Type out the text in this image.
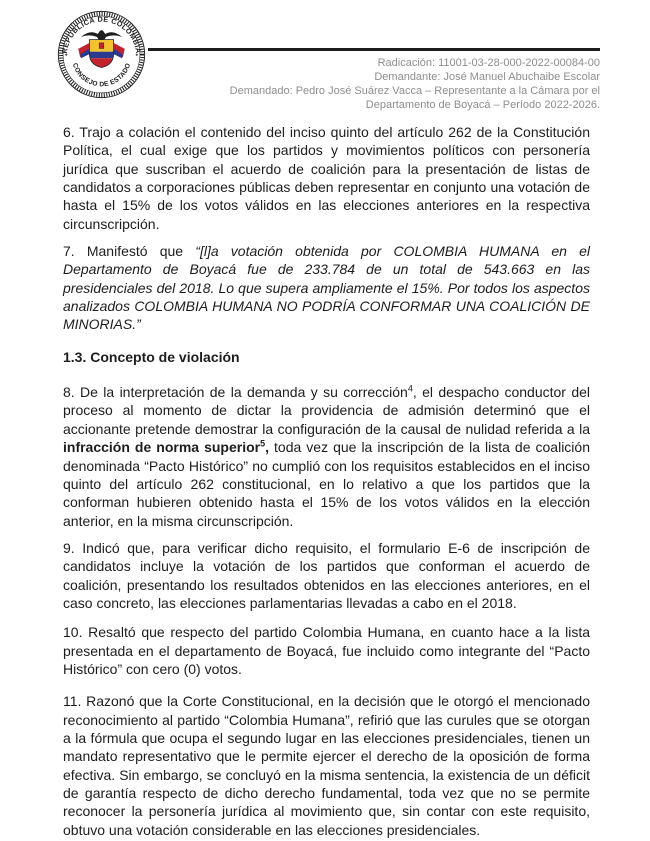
REPÚBLICA DE COLOMBIA
CONSEJO DE ESTADO
✦	✦
Radicación: 11001-03-28-000-2022-00084-00
Demandante: José Manuel Abuchaibe Escolar
Demandado: Pedro José Suárez Vacca – Representante a la Cámara por el
Departamento de Boyacá – Período 2022-2026.

6. Trajo a colación el contenido del inciso quinto del artículo 262 de la Constitución Política, el cual exige que los partidos y movimientos políticos con personería jurídica que suscriban el acuerdo de coalición para la presentación de listas de candidatos a corporaciones públicas deben representar en conjunto una votación de hasta el 15% de los votos válidos en las elecciones anteriores en la respectiva circunscripción.

7. Manifestó que “[l]a votación obtenida por COLOMBIA HUMANA en el Departamento de Boyacá fue de 233.784 de un total de 543.663 en las presidenciales del 2018. Lo que supera ampliamente el 15%. Por todos los aspectos analizados COLOMBIA HUMANA NO PODRÍA CONFORMAR UNA COALICIÓN DE MINORIAS.”

1.3. Concepto de violación

8. De la interpretación de la demanda y su corrección$^4$, el despacho conductor del proceso al momento de dictar la providencia de admisión determinó que el accionante pretende demostrar la configuración de la causal de nulidad referida a la infracción de norma superior$^5$, toda vez que la inscripción de la lista de coalición denominada “Pacto Histórico” no cumplió con los requisitos establecidos en el inciso quinto del artículo 262 constitucional, en lo relativo a que los partidos que la conforman hubieren obtenido hasta el 15% de los votos válidos en la elección anterior, en la misma circunscripción.

9. Indicó que, para verificar dicho requisito, el formulario E-6 de inscripción de candidatos incluye la votación de los partidos que conforman el acuerdo de coalición, presentando los resultados obtenidos en las elecciones anteriores, en el caso concreto, las elecciones parlamentarias llevadas a cabo en el 2018.

10. Resaltó que respecto del partido Colombia Humana, en cuanto hace a la lista presentada en el departamento de Boyacá, fue incluido como integrante del “Pacto Histórico” con cero (0) votos.

11. Razonó que la Corte Constitucional, en la decisión que le otorgó el mencionado reconocimiento al partido “Colombia Humana”, refirió que las curules que se otorgan a la fórmula que ocupa el segundo lugar en las elecciones presidenciales, tienen un mandato representativo que le permite ejercer el derecho de la oposición de forma efectiva. Sin embargo, se concluyó en la misma sentencia, la existencia de un déficit de garantía respecto de dicho derecho fundamental, toda vez que no se permite reconocer la personería jurídica al movimiento que, sin contar con este requisito, obtuvo una votación considerable en las elecciones presidenciales.
